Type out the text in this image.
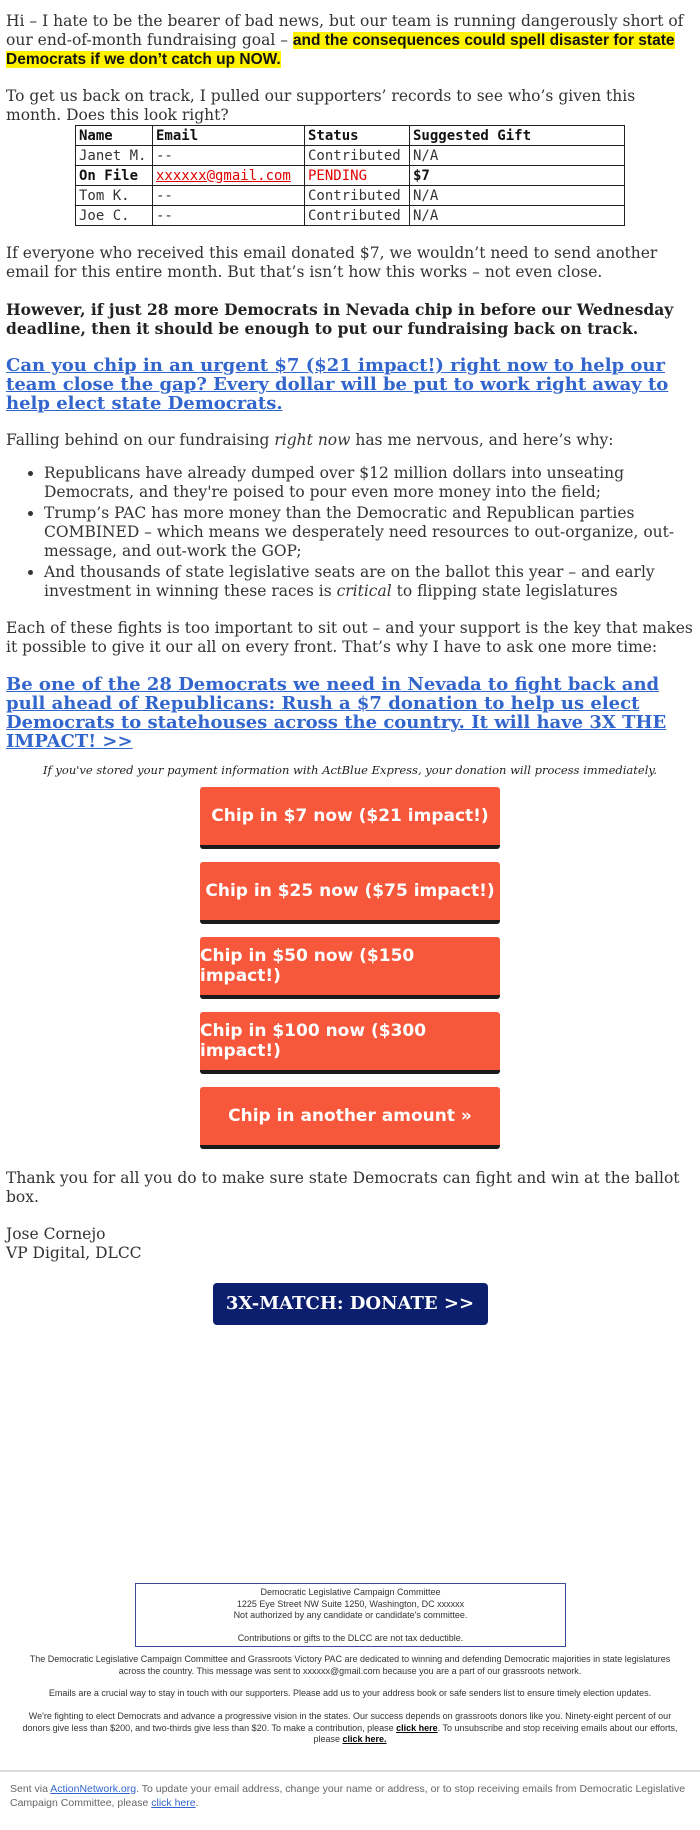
Hi – I hate to be the bearer of bad news, but our team is running dangerously short of our end-of-month fundraising goal – and the consequences could spell disaster for state Democrats if we don’t catch up NOW.

To get us back on track, I pulled our supporters’ records to see who’s given this month. Does this look right?

Name	Email	Status	Suggested Gift
Janet M.	--	Contributed	N/A
On File	xxxxxx@gmail.com	PENDING	$7
Tom K.	--	Contributed	N/A
Joe C.	--	Contributed	N/A

If everyone who received this email donated $7, we wouldn’t need to send another email for this entire month. But that’s isn’t how this works – not even close.

However, if just 28 more Democrats in Nevada chip in before our Wednesday deadline, then it should be enough to put our fundraising back on track.

Can you chip in an urgent $7 ($21 impact!) right now to help our team close the gap? Every dollar will be put to work right away to help elect state Democrats.

Falling behind on our fundraising right now has me nervous, and here’s why:

• Republicans have already dumped over $12 million dollars into unseating Democrats, and they're poised to pour even more money into the field;
• Trump’s PAC has more money than the Democratic and Republican parties COMBINED – which means we desperately need resources to out-organize, out-message, and out-work the GOP;
• And thousands of state legislative seats are on the ballot this year – and early investment in winning these races is critical to flipping state legislatures

Each of these fights is too important to sit out – and your support is the key that makes it possible to give it our all on every front. That’s why I have to ask one more time:

Be one of the 28 Democrats we need in Nevada to fight back and pull ahead of Republicans: Rush a $7 donation to help us elect Democrats to statehouses across the country. It will have 3X THE IMPACT! >>

If you've stored your payment information with ActBlue Express, your donation will process immediately.

Chip in $7 now ($21 impact!)
Chip in $25 now ($75 impact!)
Chip in $50 now ($150 impact!)
Chip in $100 now ($300 impact!)
Chip in another amount »

Thank you for all you do to make sure state Democrats can fight and win at the ballot box.

Jose Cornejo

VP Digital, DLCC

3X-MATCH: DONATE >>
Democratic Legislative Campaign Committee
1225 Eye Street NW Suite 1250, Washington, DC xxxxxx
Not authorized by any candidate or candidate's committee.
Contributions or gifts to the DLCC are not tax deductible.
The Democratic Legislative Campaign Committee and Grassroots Victory PAC are dedicated to winning and defending Democratic majorities in state legislatures across the country. This message was sent to xxxxxx@gmail.com because you are a part of our grassroots network.
Emails are a crucial way to stay in touch with our supporters. Please add us to your address book or safe senders list to ensure timely election updates.
We're fighting to elect Democrats and advance a progressive vision in the states. Our success depends on grassroots donors like you. Ninety-eight percent of our donors give less than $200, and two-thirds give less than $20. To make a contribution, please click here. To unsubscribe and stop receiving emails about our efforts, please click here.
Sent via ActionNetwork.org. To update your email address, change your name or address, or to stop receiving emails from Democratic Legislative Campaign Committee, please click here.
